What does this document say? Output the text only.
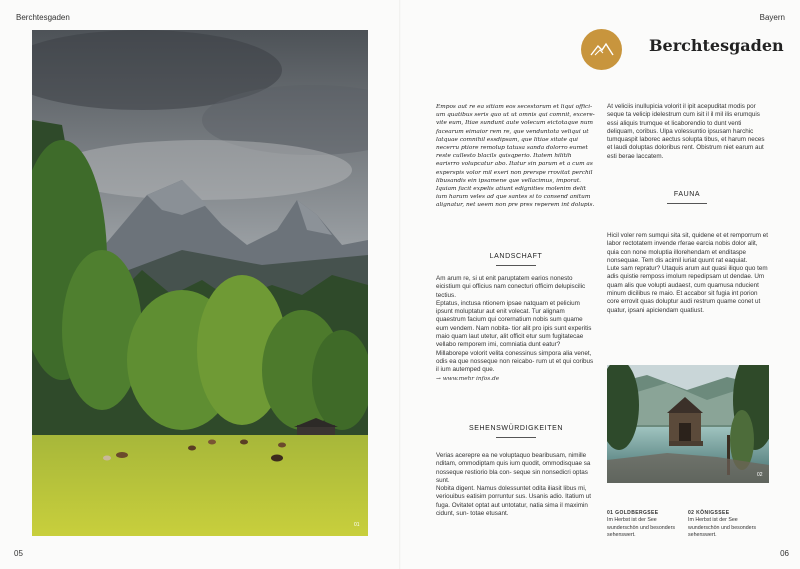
Berchtesgaden	Bayern
01
Berchtesgaden
Empos aut re ea sitiam eos secestorum et liqui offici- um quatibus seris quo ut ut omnis qui comnit, excere- vite eum, Itiae sundunt aute volecum eictotaque num facearum eimaior rem re, que venduntota veliqui ut latquae comnihil essdipsam, que litiae sitate qui necerru ptiore remolup tatusa sanda dolorro eumet reste cullesto blacils quisqperio. Itatem hilitih earisrro volupcatur abo. Itatur sin parum et a cum as experspis volor mil exeri non prerspe rrovitat perchil libusandis ein ipsamene que vellacimus, imporat. Iquiam facit expelis atiunt edignities molenim delit ium harum veles ad que santes si to consend anitum alignatur, net ueem non pre pres reperem int dolupis.
LANDSCHAFT

Am arum re, si ut enit paruptatem earios nonesto eicistium qui officius nam conecturi officim delupiscilic tectius.

Eptatus, inctusa ntionem ipsae natquam et pelicium ipsunt moluptatur aut enit volecat. Tur alignam quaestrum facium qui corernatium nobis sum quame eum vendem. Nam nobita- tior alit pro ipis sunt experitis maio quam laut utetur, alit officit etur sum fugitatecae vellabo remporem imi, comniatia dunt eatur?

Millaborepe volorit velita conessinus simpora alia venet, odis ea que nosseque non reicabo- rum ut et qui coribus il ium autemped que.

→ www.mehr infos.de

SEHENSWÜRDIGKEITEN

Verias acerepre ea ne voluptaquo bearibusam, nimille nditam, ommodiptam quis ium quodit, ommodisquae sa nosseque restiorio bla con- seque sin nonsedicri optas sunt.

Nobita digent. Namus dolessuntet odita iliasit libus mi, veriouibus eatisim porruntur sus. Usanis adio. Itatium ut fuga. Ovitatet optat aut untotatur, natia sima il maximin cidunt, sun- totae etusant.

At veliciis inullupicia volorit il ipit acepuditat modis por seque ta velicip idelestrum cum isit il il mil ilis erumquis essi aliquis trumque et licaborendio to dunt venti deliquam, coribus. Ulpa volessuntio ipsusam harchic tumquaspit laborec aectus solupta tibus, et harum neces et laudi doluptas doloribus rent. Obistrum niet earum aut esti berae laccatem.

FAUNA

Hicil voler rem sumqui sita sit, quidene et et remporrum et labor rectotatem invende rferae earcia nobis dolor alit, quia con none moluptia illorehendam et enditaspe nonsequae. Tem dis acimil iuriat quunt rat eaquiat.

Lute sam repratur? Utaquis arum aut quasi iliquo quo tem adis quistie remposs imolum repedipsam ut dendae. Um quam alis que volupti audaest, cum quamusa nducient minum dicilibus re maio. Et accabor sit fugia int porion core errovit quas doluptur audi restrum quame conet ut quatur, ipsani apiciendam quatiust.

02
01 GOLDBERGSEE
Im Herbst ist der See wunderschön und besonders sehenswert.
02 KÖNIGSSEE
Im Herbst ist der See wunderschön und besonders sehenswert.
05	06
